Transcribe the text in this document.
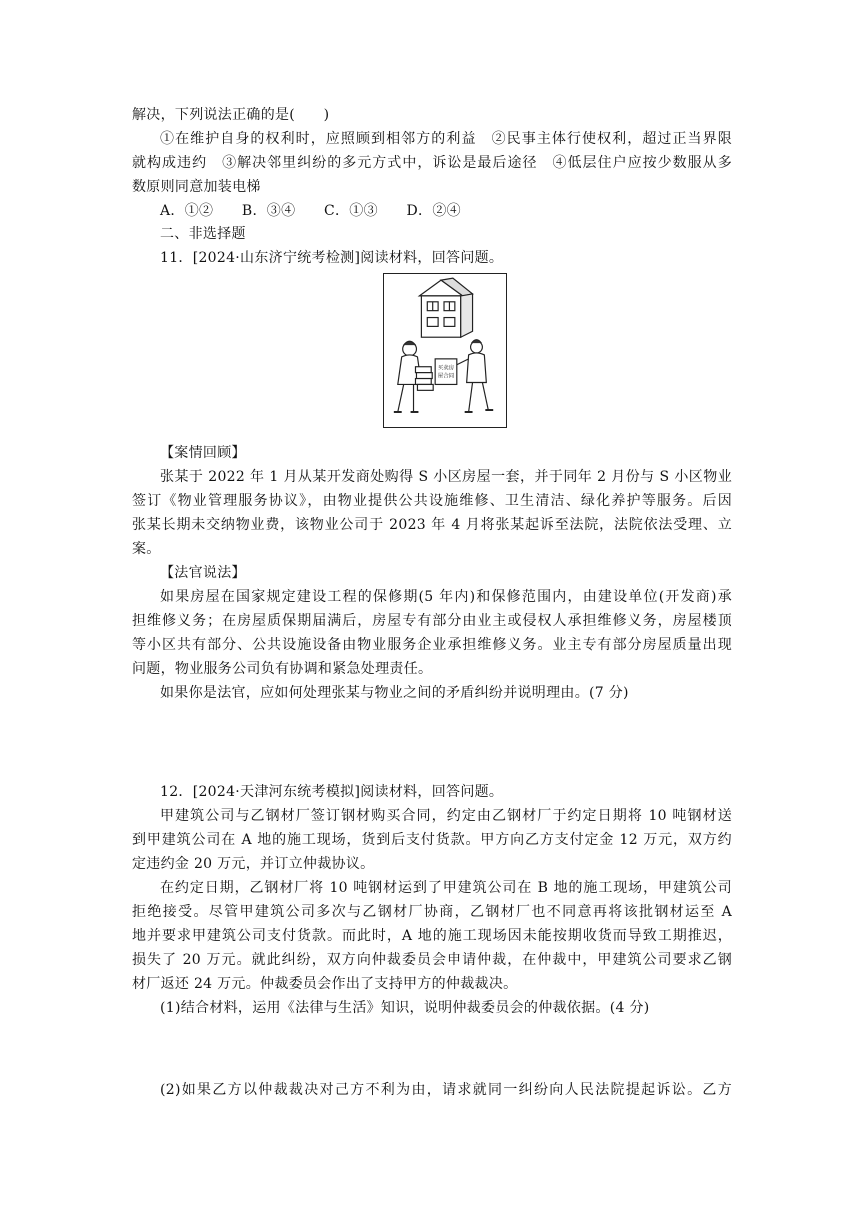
解决，下列说法正确的是(　　)
①在维护自身的权利时，应照顾到相邻方的利益　②民事主体行使权利，超过正当界限
就构成违约　③解决邻里纠纷的多元方式中，诉讼是最后途径　④低层住户应按少数服从多
数原则同意加装电梯
A．①②　　B．③④　　C．①③　　D．②④
二、非选择题
11．[2024·山东济宁统考检测]阅读材料，回答问题。
买卖房
屋合同
【案情回顾】
张某于 2022 年 1 月从某开发商处购得 S 小区房屋一套，并于同年 2 月份与 S 小区物业
签订《物业管理服务协议》，由物业提供公共设施维修、卫生清洁、绿化养护等服务。后因
张某长期未交纳物业费，该物业公司于 2023 年 4 月将张某起诉至法院，法院依法受理、立
案。
【法官说法】
如果房屋在国家规定建设工程的保修期(5 年内)和保修范围内，由建设单位(开发商)承
担维修义务；在房屋质保期届满后，房屋专有部分由业主或侵权人承担维修义务，房屋楼顶
等小区共有部分、公共设施设备由物业服务企业承担维修义务。业主专有部分房屋质量出现
问题，物业服务公司负有协调和紧急处理责任。
如果你是法官，应如何处理张某与物业之间的矛盾纠纷并说明理由。(7 分)
12．[2024·天津河东统考模拟]阅读材料，回答问题。
甲建筑公司与乙钢材厂签订钢材购买合同，约定由乙钢材厂于约定日期将 10 吨钢材送
到甲建筑公司在 A 地的施工现场，货到后支付货款。甲方向乙方支付定金 12 万元，双方约
定违约金 20 万元，并订立仲裁协议。
在约定日期，乙钢材厂将 10 吨钢材运到了甲建筑公司在 B 地的施工现场，甲建筑公司
拒绝接受。尽管甲建筑公司多次与乙钢材厂协商，乙钢材厂也不同意再将该批钢材运至 A
地并要求甲建筑公司支付货款。而此时，A 地的施工现场因未能按期收货而导致工期推迟，
损失了 20 万元。就此纠纷，双方向仲裁委员会申请仲裁，在仲裁中，甲建筑公司要求乙钢
材厂返还 24 万元。仲裁委员会作出了支持甲方的仲裁裁决。
(1)结合材料，运用《法律与生活》知识，说明仲裁委员会的仲裁依据。(4 分)
(2)如果乙方以仲裁裁决对己方不利为由，请求就同一纠纷向人民法院提起诉讼。乙方
